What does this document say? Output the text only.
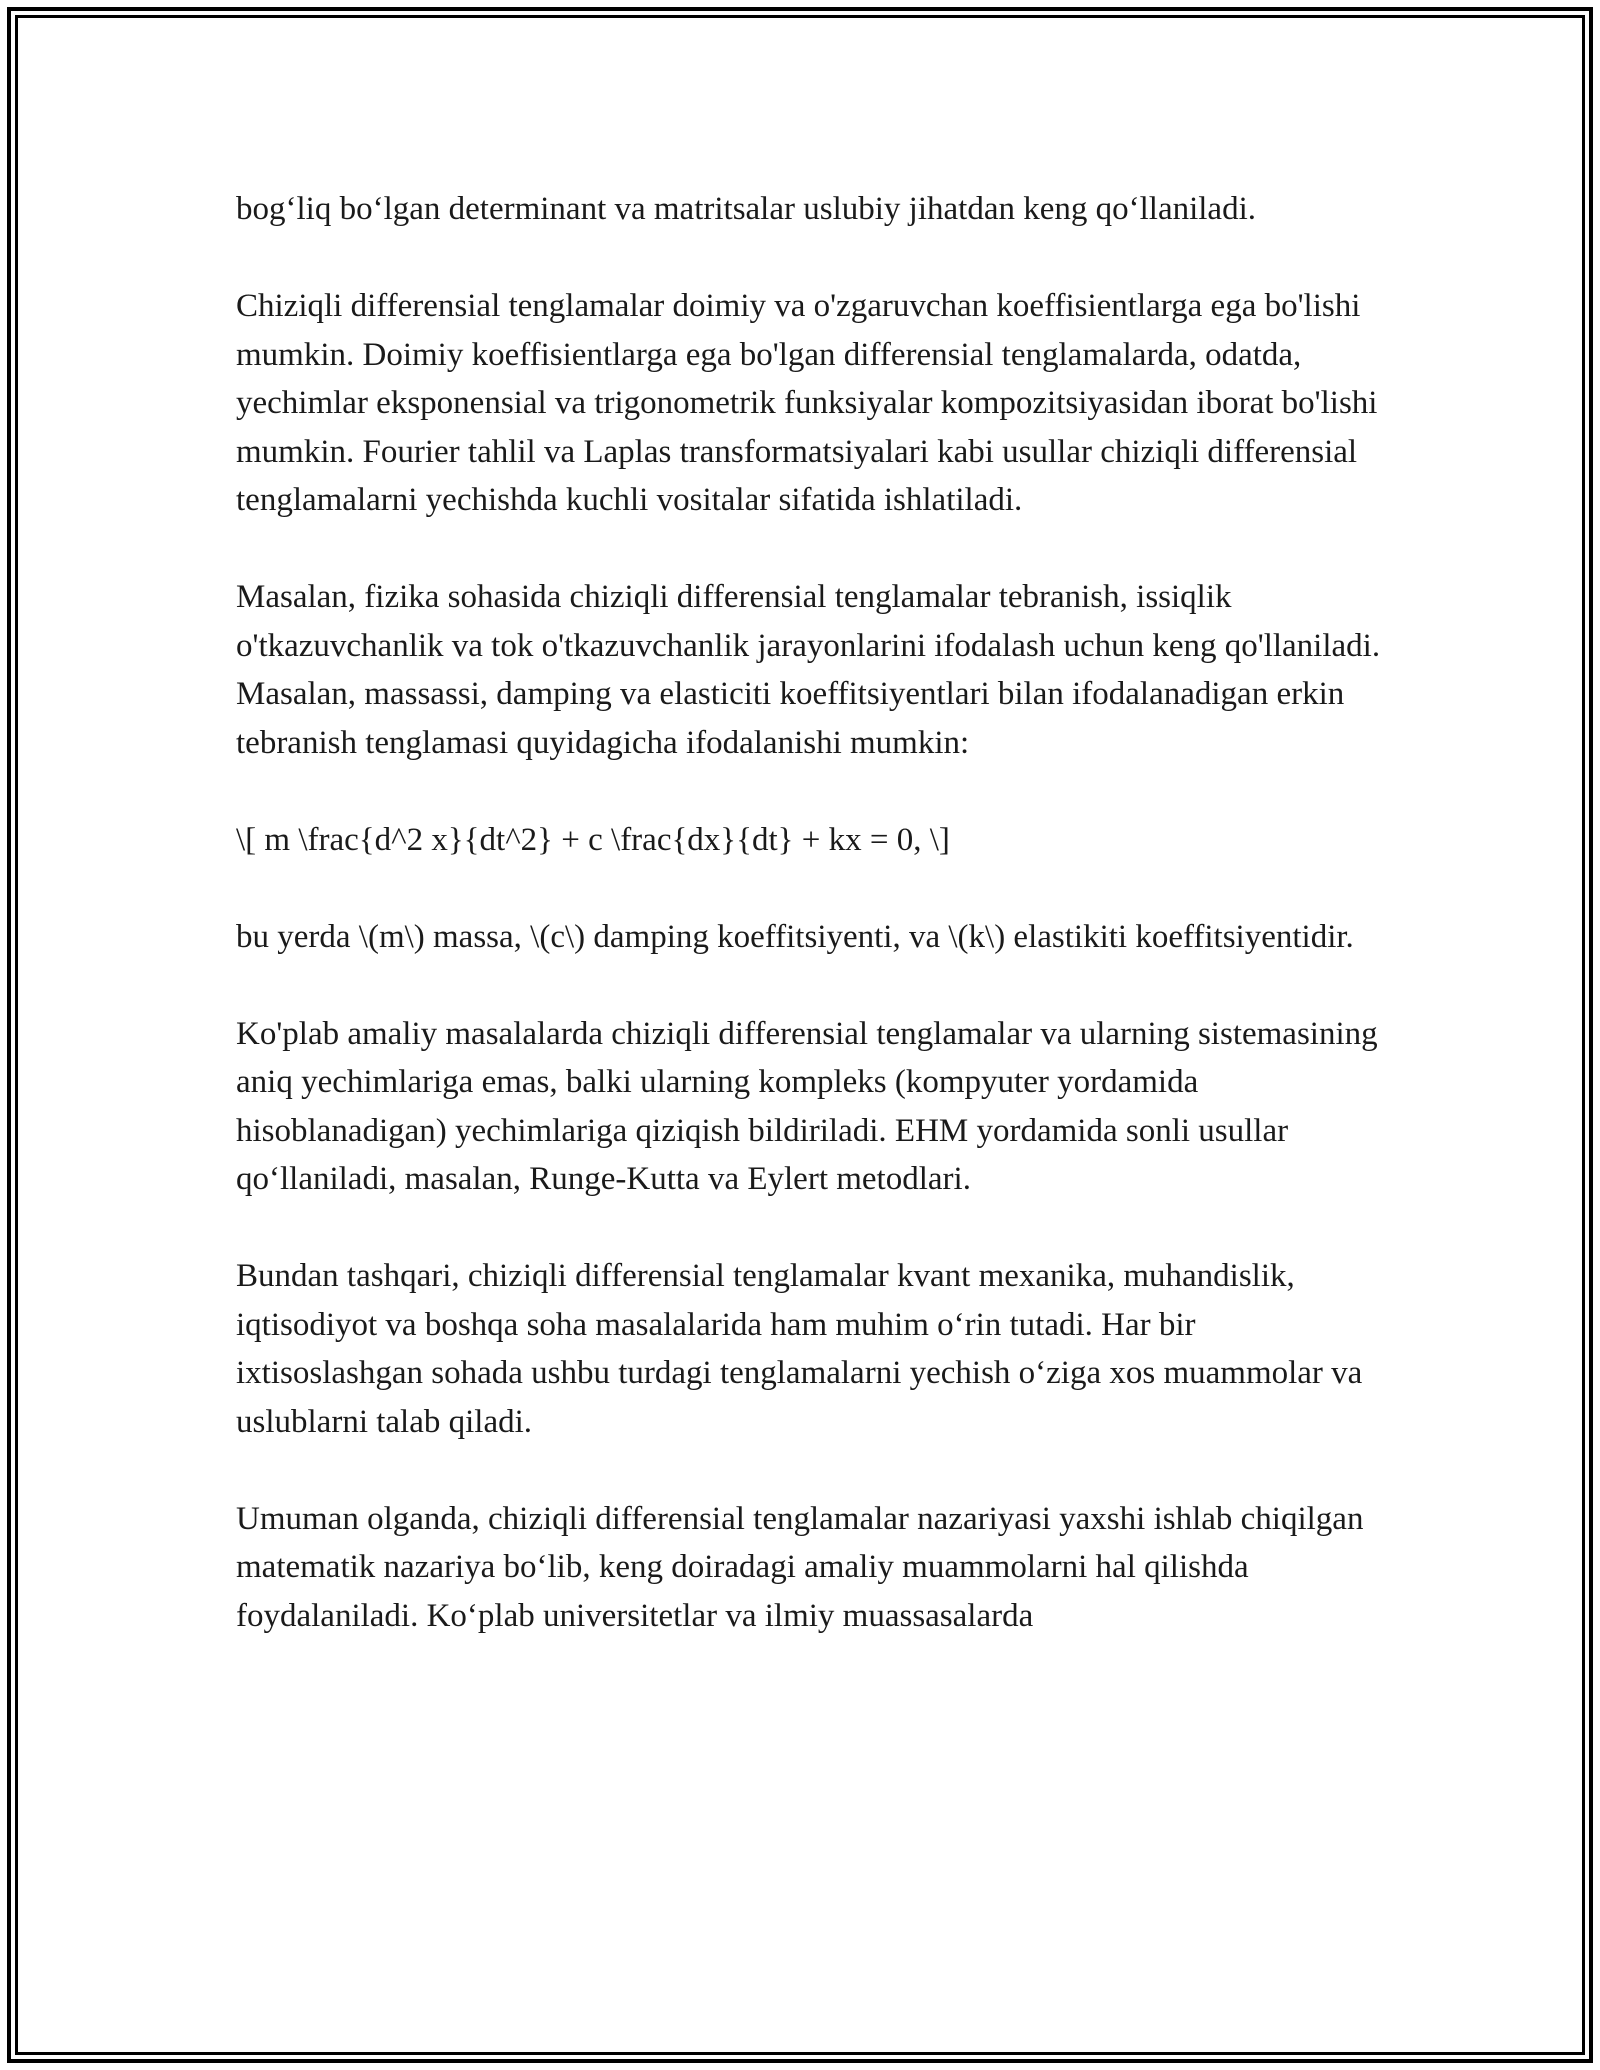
bog‘liq bo‘lgan determinant va matritsalar uslubiy jihatdan keng qo‘llaniladi.

Chiziqli differensial tenglamalar doimiy va o'zgaruvchan koeffisientlarga ega bo'lishi mumkin. Doimiy koeffisientlarga ega bo'lgan differensial tenglamalarda, odatda, yechimlar eksponensial va trigonometrik funksiyalar kompozitsiyasidan iborat bo'lishi mumkin. Fourier tahlil va Laplas transformatsiyalari kabi usullar chiziqli differensial tenglamalarni yechishda kuchli vositalar sifatida ishlatiladi.

Masalan, fizika sohasida chiziqli differensial tenglamalar tebranish, issiqlik o'tkazuvchanlik va tok o'tkazuvchanlik jarayonlarini ifodalash uchun keng qo'llaniladi. Masalan, massassi, damping va elasticiti koeffitsiyentlari bilan ifodalanadigan erkin tebranish tenglamasi quyidagicha ifodalanishi mumkin:

\[ m \frac{d^2 x}{dt^2} + c \frac{dx}{dt} + kx = 0, \]

bu yerda \(m\) massa, \(c\) damping koeffitsiyenti, va \(k\) elastikiti koeffitsiyentidir.

Ko'plab amaliy masalalarda chiziqli differensial tenglamalar va ularning sistemasining aniq yechimlariga emas, balki ularning kompleks (kompyuter yordamida hisoblanadigan) yechimlariga qiziqish bildiriladi. EHM yordamida sonli usullar qo‘llaniladi, masalan, Runge-Kutta va Eylert metodlari.

Bundan tashqari, chiziqli differensial tenglamalar kvant mexanika, muhandislik, iqtisodiyot va boshqa soha masalalarida ham muhim o‘rin tutadi. Har bir ixtisoslashgan sohada ushbu turdagi tenglamalarni yechish o‘ziga xos muammolar va uslublarni talab qiladi.

Umuman olganda, chiziqli differensial tenglamalar nazariyasi yaxshi ishlab chiqilgan matematik nazariya bo‘lib, keng doiradagi amaliy muammolarni hal qilishda foydalaniladi. Ko‘plab universitetlar va ilmiy muassasalarda
